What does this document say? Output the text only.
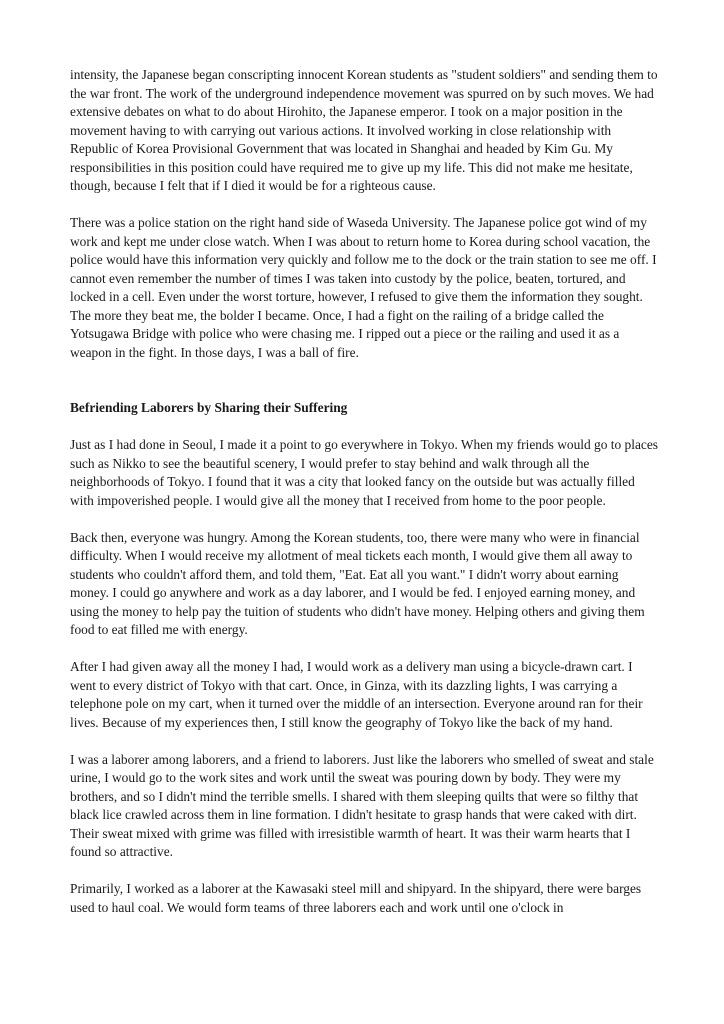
intensity, the Japanese began conscripting innocent Korean students as "student soldiers" and sending them to the war front. The work of the underground independence movement was spurred on by such moves. We had extensive debates on what to do about Hirohito, the Japanese emperor. I took on a major position in the movement having to with carrying out various actions. It involved working in close relationship with Republic of Korea Provisional Government that was located in Shanghai and headed by Kim Gu. My responsibilities in this position could have required me to give up my life. This did not make me hesitate, though, because I felt that if I died it would be for a righteous cause.

There was a police station on the right hand side of Waseda University. The Japanese police got wind of my work and kept me under close watch. When I was about to return home to Korea during school vacation, the police would have this information very quickly and follow me to the dock or the train station to see me off. I cannot even remember the number of times I was taken into custody by the police, beaten, tortured, and locked in a cell. Even under the worst torture, however, I refused to give them the information they sought. The more they beat me, the bolder I became. Once, I had a fight on the railing of a bridge called the Yotsugawa Bridge with police who were chasing me. I ripped out a piece or the railing and used it as a weapon in the fight. In those days, I was a ball of fire.

Befriending Laborers by Sharing their Suffering

Just as I had done in Seoul, I made it a point to go everywhere in Tokyo. When my friends would go to places such as Nikko to see the beautiful scenery, I would prefer to stay behind and walk through all the neighborhoods of Tokyo. I found that it was a city that looked fancy on the outside but was actually filled with impoverished people. I would give all the money that I received from home to the poor people.

Back then, everyone was hungry. Among the Korean students, too, there were many who were in financial difficulty. When I would receive my allotment of meal tickets each month, I would give them all away to students who couldn't afford them, and told them, "Eat. Eat all you want." I didn't worry about earning money. I could go anywhere and work as a day laborer, and I would be fed. I enjoyed earning money, and using the money to help pay the tuition of students who didn't have money. Helping others and giving them food to eat filled me with energy.

After I had given away all the money I had, I would work as a delivery man using a bicycle-drawn cart. I went to every district of Tokyo with that cart. Once, in Ginza, with its dazzling lights, I was carrying a telephone pole on my cart, when it turned over the middle of an intersection. Everyone around ran for their lives. Because of my experiences then, I still know the geography of Tokyo like the back of my hand.

I was a laborer among laborers, and a friend to laborers. Just like the laborers who smelled of sweat and stale urine, I would go to the work sites and work until the sweat was pouring down by body. They were my brothers, and so I didn't mind the terrible smells. I shared with them sleeping quilts that were so filthy that black lice crawled across them in line formation. I didn't hesitate to grasp hands that were caked with dirt. Their sweat mixed with grime was filled with irresistible warmth of heart. It was their warm hearts that I found so attractive.

Primarily, I worked as a laborer at the Kawasaki steel mill and shipyard. In the shipyard, there were barges used to haul coal. We would form teams of three laborers each and work until one o'clock in
